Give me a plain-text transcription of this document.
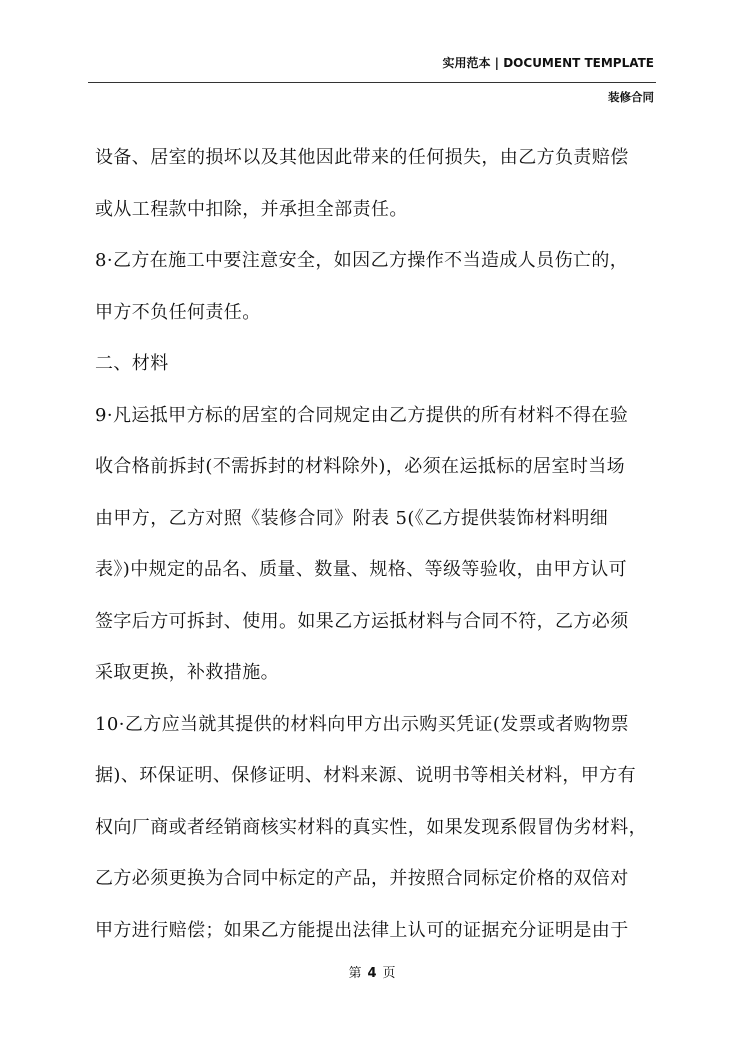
实用范本 | DOCUMENT TEMPLATE
装修合同
设备、居室的损坏以及其他因此带来的任何损失，由乙方负责赔偿
或从工程款中扣除，并承担全部责任。
8·乙方在施工中要注意安全，如因乙方操作不当造成人员伤亡的，
甲方不负任何责任。
二、材料
9·凡运抵甲方标的居室的合同规定由乙方提供的所有材料不得在验
收合格前拆封(不需拆封的材料除外)，必须在运抵标的居室时当场
由甲方，乙方对照《装修合同》附表 5(《乙方提供装饰材料明细
表》)中规定的品名、质量、数量、规格、等级等验收，由甲方认可
签字后方可拆封、使用。如果乙方运抵材料与合同不符，乙方必须
采取更换，补救措施。
10·乙方应当就其提供的材料向甲方出示购买凭证(发票或者购物票
据)、环保证明、保修证明、材料来源、说明书等相关材料，甲方有
权向厂商或者经销商核实材料的真实性，如果发现系假冒伪劣材料，
乙方必须更换为合同中标定的产品，并按照合同标定价格的双倍对
甲方进行赔偿；如果乙方能提出法律上认可的证据充分证明是由于
第 4 页
